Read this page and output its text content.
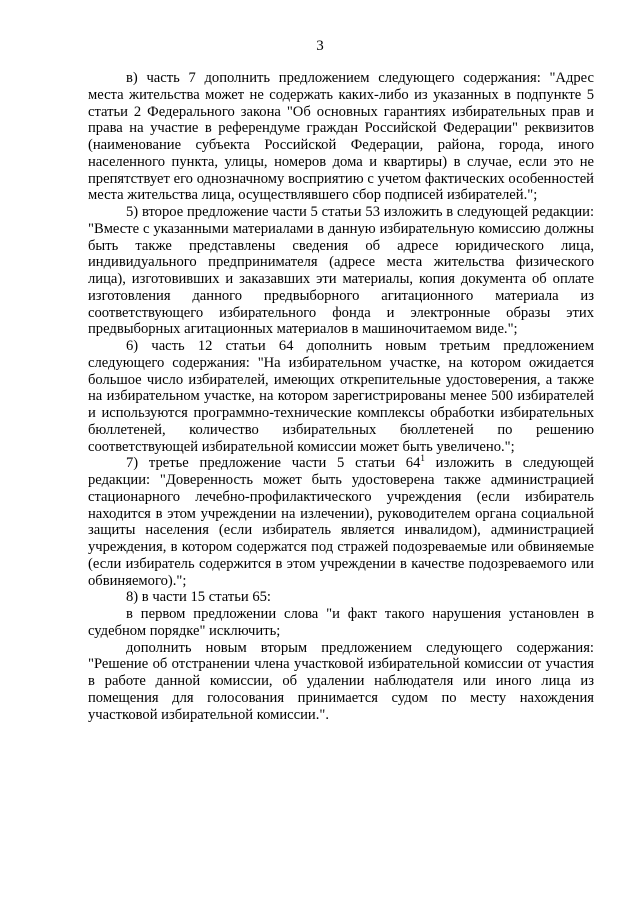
3

в) часть 7 дополнить предложением следующего содержания: "Адрес места жительства может не содержать каких-либо из указанных в подпункте 5 статьи 2 Федерального закона "Об основных гарантиях избирательных прав и права на участие в референдуме граждан Российской Федерации" реквизитов (наименование субъекта Российской Федерации, района, города, иного населенного пункта, улицы, номеров дома и квартиры) в случае, если это не препятствует его однозначному восприятию с учетом фактических особенностей места жительства лица, осуществлявшего сбор подписей избирателей.";

5) второе предложение части 5 статьи 53 изложить в следующей редакции: "Вместе с указанными материалами в данную избирательную комиссию должны быть также представлены сведения об адресе юридического лица, индивидуального предпринимателя (адресе места жительства физического лица), изготовивших и заказавших эти материалы, копия документа об оплате изготовления данного предвыборного агитационного материала из соответствующего избирательного фонда и электронные образы этих предвыборных агитационных материалов в машиночитаемом виде.";

6) часть 12 статьи 64 дополнить новым третьим предложением следующего содержания: "На избирательном участке, на котором ожидается большое число избирателей, имеющих открепительные удостоверения, а также на избирательном участке, на котором зарегистрированы менее 500 избирателей и используются программно-технические комплексы обработки избирательных бюллетеней, количество избирательных бюллетеней по решению соответствующей избирательной комиссии может быть увеличено.";

7) третье предложение части 5 статьи $64^1$ изложить в следующей редакции: "Доверенность может быть удостоверена также администрацией стационарного лечебно-профилактического учреждения (если избиратель находится в этом учреждении на излечении), руководителем органа социальной защиты населения (если избиратель является инвалидом), администрацией учреждения, в котором содержатся под стражей подозреваемые или обвиняемые (если избиратель содержится в этом учреждении в качестве подозреваемого или обвиняемого).";

8) в части 15 статьи 65:

в первом предложении слова "и факт такого нарушения установлен в судебном порядке" исключить;

дополнить новым вторым предложением следующего содержания: "Решение об отстранении члена участковой избирательной комиссии от участия в работе данной комиссии, об удалении наблюдателя или иного лица из помещения для голосования принимается судом по месту нахождения участковой избирательной комиссии.".
